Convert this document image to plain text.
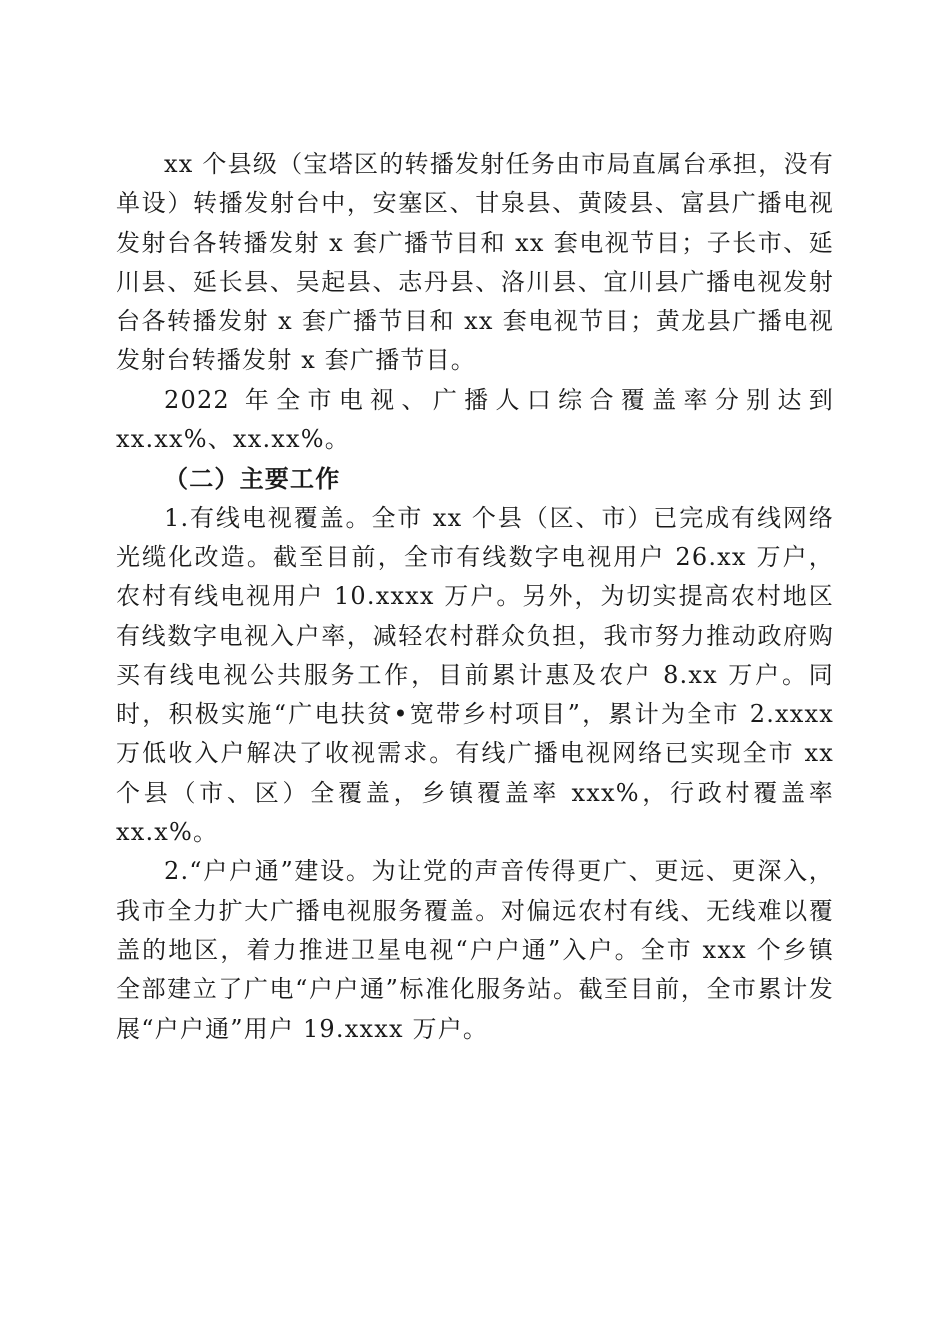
xx 个县级（宝塔区的转播发射任务由市局直属台承担，没有单设）转播发射台中，安塞区、甘泉县、黄陵县、富县广播电视发射台各转播发射 x 套广播节目和 xx 套电视节目；子长市、延川县、延长县、吴起县、志丹县、洛川县、宜川县广播电视发射台各转播发射 x 套广播节目和 xx 套电视节目；黄龙县广播电视发射台转播发射 x 套广播节目。

2022 年全市电视、广播人口综合覆盖率分别达到 xx.xx%、xx.xx%。

（二）主要工作

1.有线电视覆盖。全市 xx 个县（区、市）已完成有线网络光缆化改造。截至目前，全市有线数字电视用户 26.xx 万户，农村有线电视用户 10.xxxx 万户。另外，为切实提高农村地区有线数字电视入户率，减轻农村群众负担，我市努力推动政府购买有线电视公共服务工作，目前累计惠及农户 8.xx 万户。同时，积极实施“广电扶贫•宽带乡村项目”，累计为全市 2.xxxx 万低收入户解决了收视需求。有线广播电视网络已实现全市 xx 个县（市、区）全覆盖，乡镇覆盖率 xxx%，行政村覆盖率 xx.x%。

2.“户户通”建设。为让党的声音传得更广、更远、更深入，我市全力扩大广播电视服务覆盖。对偏远农村有线、无线难以覆盖的地区，着力推进卫星电视“户户通”入户。全市 xxx 个乡镇全部建立了广电“户户通”标准化服务站。截至目前，全市累计发展“户户通”用户 19.xxxx 万户。
